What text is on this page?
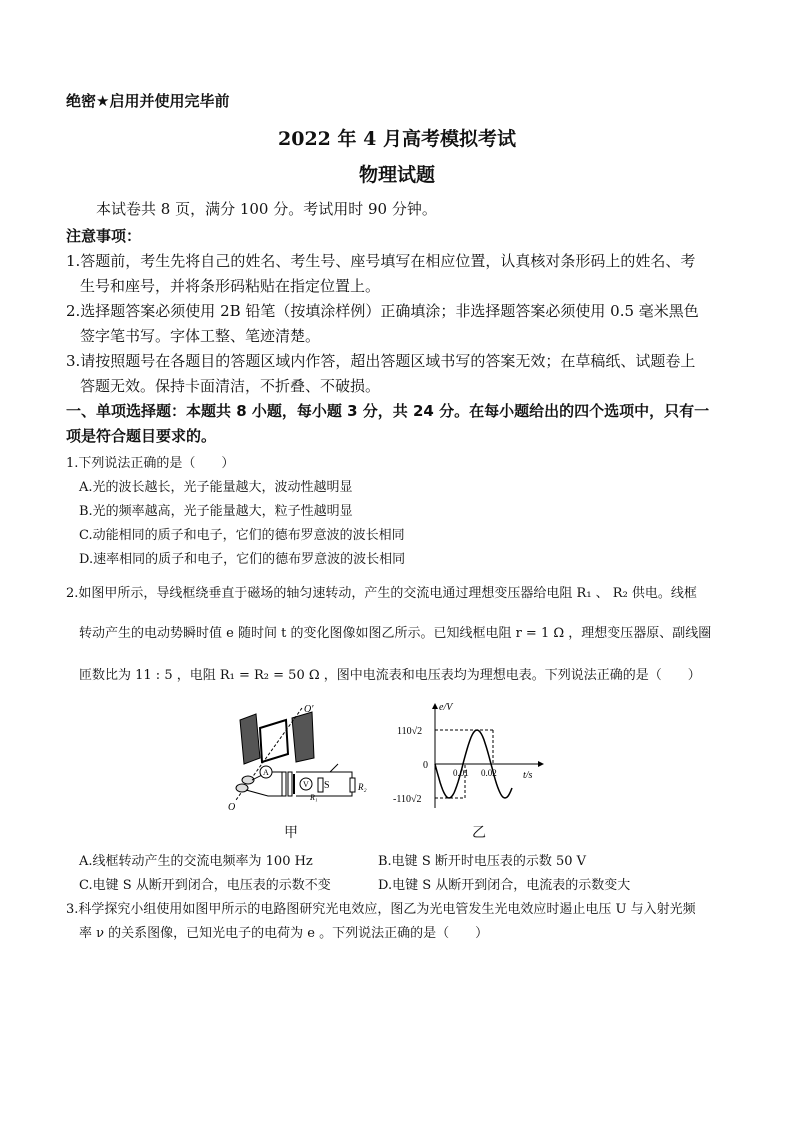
绝密★启用并使用完毕前
2022 年 4 月高考模拟考试
物理试题
本试卷共 8 页，满分 100 分。考试用时 90 分钟。
注意事项：
1.答题前，考生先将自己的姓名、考生号、座号填写在相应位置，认真核对条形码上的姓名、考
生号和座号，并将条形码粘贴在指定位置上。
2.选择题答案必须使用 2B 铅笔（按填涂样例）正确填涂；非选择题答案必须使用 0.5 毫米黑色
签字笔书写。字体工整、笔迹清楚。
3.请按照题号在各题目的答题区域内作答，超出答题区域书写的答案无效；在草稿纸、试题卷上
答题无效。保持卡面清洁，不折叠、不破损。
一、单项选择题：本题共 8 小题，每小题 3 分，共 24 分。在每小题给出的四个选项中，只有一
项是符合题目要求的。
1.下列说法正确的是（　　）
A.光的波长越长，光子能量越大，波动性越明显
B.光的频率越高，光子能量越大，粒子性越明显
C.动能相同的质子和电子，它们的德布罗意波的波长相同
D.速率相同的质子和电子，它们的德布罗意波的波长相同
2.如图甲所示，导线框绕垂直于磁场的轴匀速转动，产生的交流电通过理想变压器给电阻 R₁ 、 R₂ 供电。线框
转动产生的电动势瞬时值 e 随时间 t 的变化图像如图乙所示。已知线框电阻 r = 1 Ω ，理想变压器原、副线圈
匝数比为 11 : 5 ，电阻 R₁ = R₂ = 50 Ω ，图中电流表和电压表均为理想电表。下列说法正确的是（　　）
A
V
R₁
S	R₂
O′
O
e/V
t/s
110√2
0
-110√2
0.01 0.02
甲	乙
A.线框转动产生的交流电频率为 100 Hz	B.电键 S 断开时电压表的示数 50 V
C.电键 S 从断开到闭合，电压表的示数不变	D.电键 S 从断开到闭合，电流表的示数变大
3.科学探究小组使用如图甲所示的电路图研究光电效应，图乙为光电管发生光电效应时遏止电压 U 与入射光频
率 ν 的关系图像，已知光电子的电荷为 e 。下列说法正确的是（　　）
